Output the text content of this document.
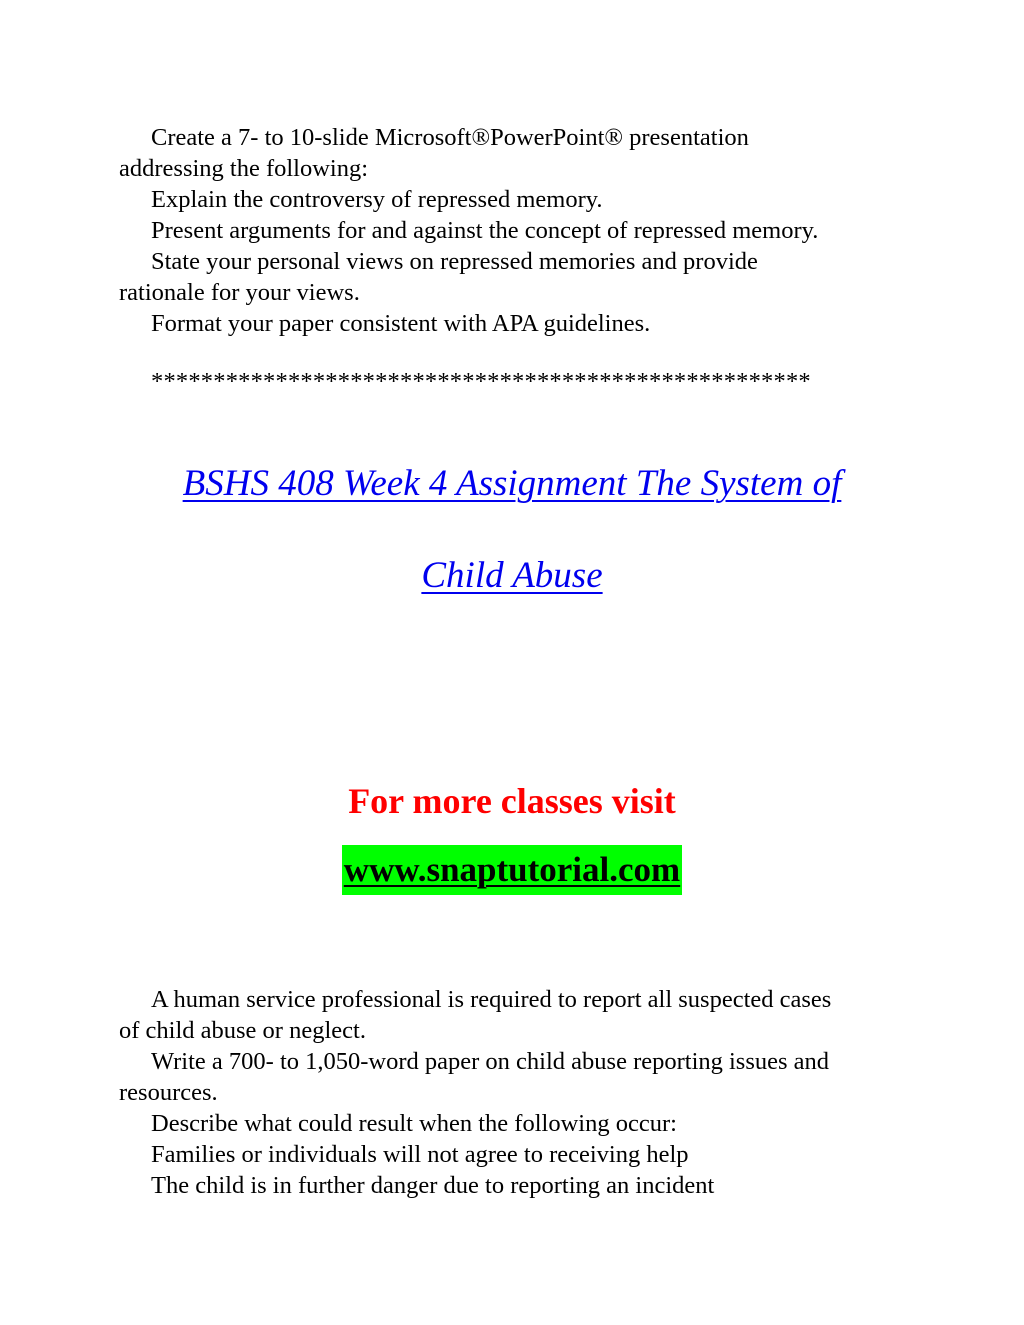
Create a 7- to 10-slide Microsoft®PowerPoint® presentation

addressing the following:

Explain the controversy of repressed memory.

Present arguments for and against the concept of repressed memory.

State your personal views on repressed memories and provide

rationale for your views.

Format your paper consistent with APA guidelines.

*****************************************************
BSHS 408 Week 4 Assignment The System of
Child Abuse
For more classes visit
www.snaptutorial.com

A human service professional is required to report all suspected cases

of child abuse or neglect.

Write a 700- to 1,050-word paper on child abuse reporting issues and

resources.

Describe what could result when the following occur:

Families or individuals will not agree to receiving help

The child is in further danger due to reporting an incident
